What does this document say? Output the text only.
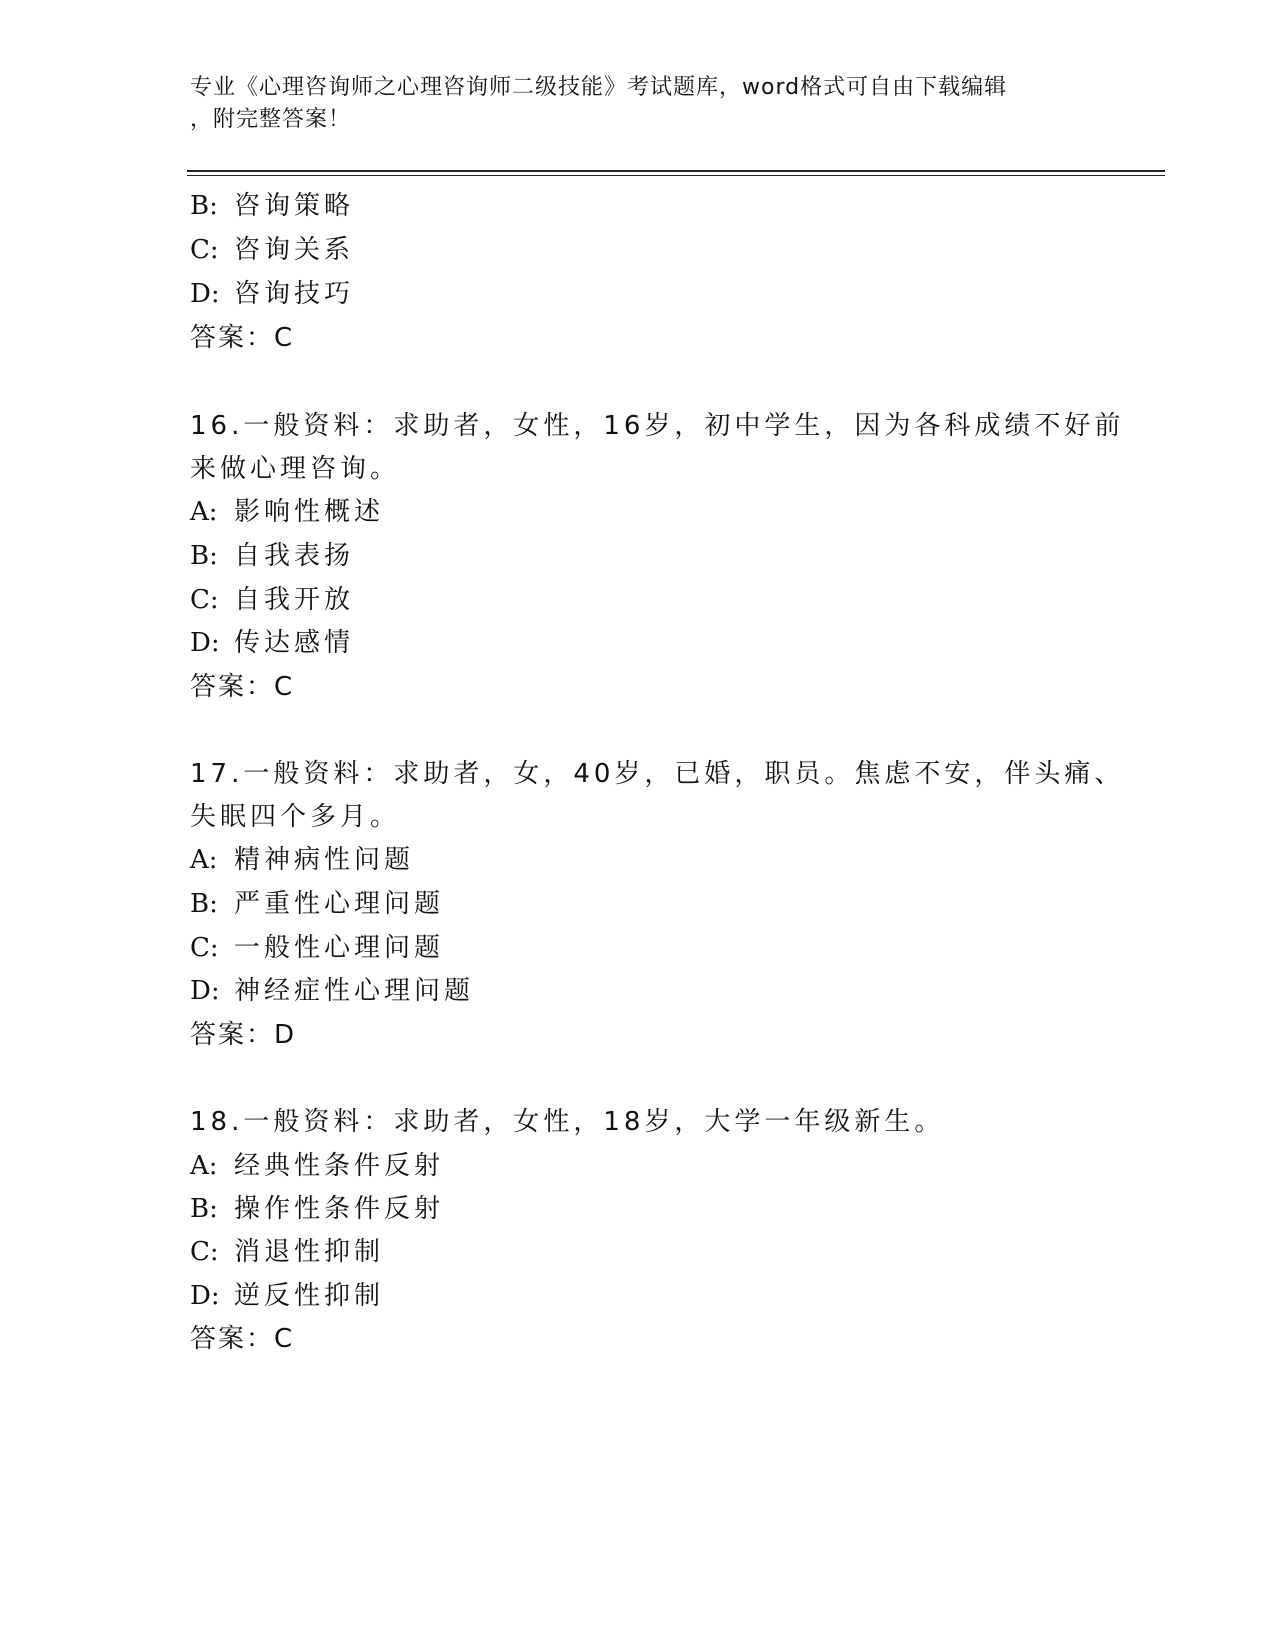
专业《心理咨询师之心理咨询师二级技能》考试题库，word格式可自由下载编辑
，附完整答案！
B: 咨询策略
C: 咨询关系
D: 咨询技巧
答案：C
16.一般资料：求助者，女性，16岁，初中学生，因为各科成绩不好前
来做心理咨询。
A: 影响性概述
B: 自我表扬
C: 自我开放
D: 传达感情
答案：C
17.一般资料：求助者，女，40岁，已婚，职员。焦虑不安，伴头痛、
失眠四个多月。
A: 精神病性问题
B: 严重性心理问题
C: 一般性心理问题
D: 神经症性心理问题
答案：D
18.一般资料：求助者，女性，18岁，大学一年级新生。
A: 经典性条件反射
B: 操作性条件反射
C: 消退性抑制
D: 逆反性抑制
答案：C
